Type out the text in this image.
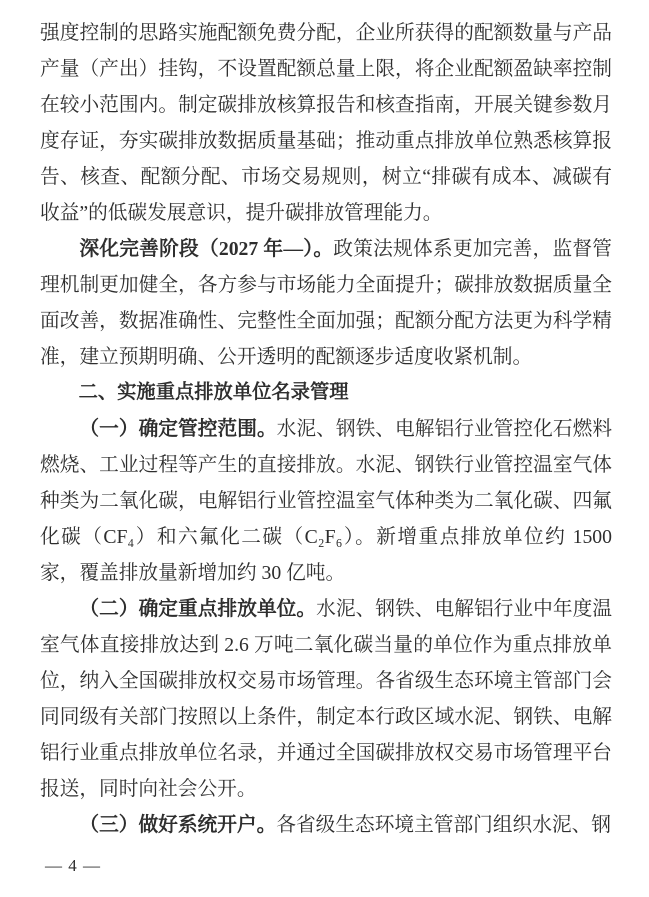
强度控制的思路实施配额免费分配，企业所获得的配额数量与产品产量（产出）挂钩，不设置配额总量上限，将企业配额盈缺率控制在较小范围内。制定碳排放核算报告和核查指南，开展关键参数月度存证，夯实碳排放数据质量基础；推动重点排放单位熟悉核算报告、核查、配额分配、市场交易规则，树立“排碳有成本、减碳有收益”的低碳发展意识，提升碳排放管理能力。

深化完善阶段（2027 年—）。政策法规体系更加完善，监督管理机制更加健全，各方参与市场能力全面提升；碳排放数据质量全面改善，数据准确性、完整性全面加强；配额分配方法更为科学精准，建立预期明确、公开透明的配额逐步适度收紧机制。

二、实施重点排放单位名录管理

（一）确定管控范围。水泥、钢铁、电解铝行业管控化石燃料燃烧、工业过程等产生的直接排放。水泥、钢铁行业管控温室气体种类为二氧化碳，电解铝行业管控温室气体种类为二氧化碳、四氟化碳（CF₄）和六氟化二碳（C₂F₆）。新增重点排放单位约 1500 家，覆盖排放量新增加约 30 亿吨。

（二）确定重点排放单位。水泥、钢铁、电解铝行业中年度温室气体直接排放达到 2.6 万吨二氧化碳当量的单位作为重点排放单位，纳入全国碳排放权交易市场管理。各省级生态环境主管部门会同同级有关部门按照以上条件，制定本行政区域水泥、钢铁、电解铝行业重点排放单位名录，并通过全国碳排放权交易市场管理平台报送，同时向社会公开。

（三）做好系统开户。各省级生态环境主管部门组织水泥、钢

— 4 —
